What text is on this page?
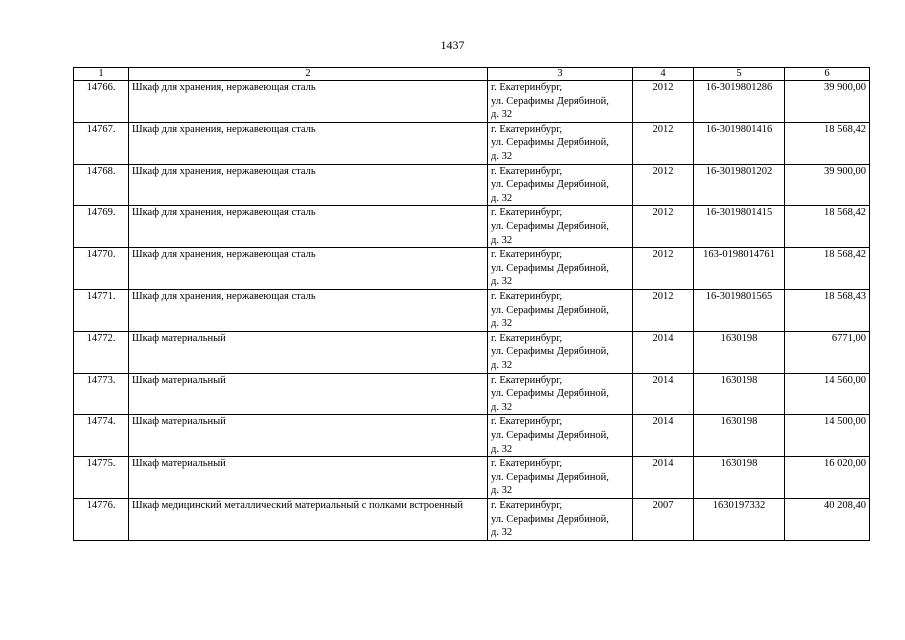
1437
1	2	3	4	5	6
14766.	Шкаф для хранения, нержавеющая сталь	г. Екатеринбург,
ул. Серафимы Дерябиной,
д. 32	2012	16-3019801286	39 900,00
14767.	Шкаф для хранения, нержавеющая сталь	г. Екатеринбург,
ул. Серафимы Дерябиной,
д. 32	2012	16-3019801416	18 568,42
14768.	Шкаф для хранения, нержавеющая сталь	г. Екатеринбург,
ул. Серафимы Дерябиной,
д. 32	2012	16-3019801202	39 900,00
14769.	Шкаф для хранения, нержавеющая сталь	г. Екатеринбург,
ул. Серафимы Дерябиной,
д. 32	2012	16-3019801415	18 568,42
14770.	Шкаф для хранения, нержавеющая сталь	г. Екатеринбург,
ул. Серафимы Дерябиной,
д. 32	2012	163-0198014761	18 568,42
14771.	Шкаф для хранения, нержавеющая сталь	г. Екатеринбург,
ул. Серафимы Дерябиной,
д. 32	2012	16-3019801565	18 568,43
14772.	Шкаф материальный	г. Екатеринбург,
ул. Серафимы Дерябиной,
д. 32	2014	1630198	6771,00
14773.	Шкаф материальный	г. Екатеринбург,
ул. Серафимы Дерябиной,
д. 32	2014	1630198	14 560,00
14774.	Шкаф материальный	г. Екатеринбург,
ул. Серафимы Дерябиной,
д. 32	2014	1630198	14 500,00
14775.	Шкаф материальный	г. Екатеринбург,
ул. Серафимы Дерябиной,
д. 32	2014	1630198	16 020,00
14776.	Шкаф медицинский металлический материальный с полками встроенный	г. Екатеринбург,
ул. Серафимы Дерябиной,
д. 32	2007	1630197332	40 208,40
